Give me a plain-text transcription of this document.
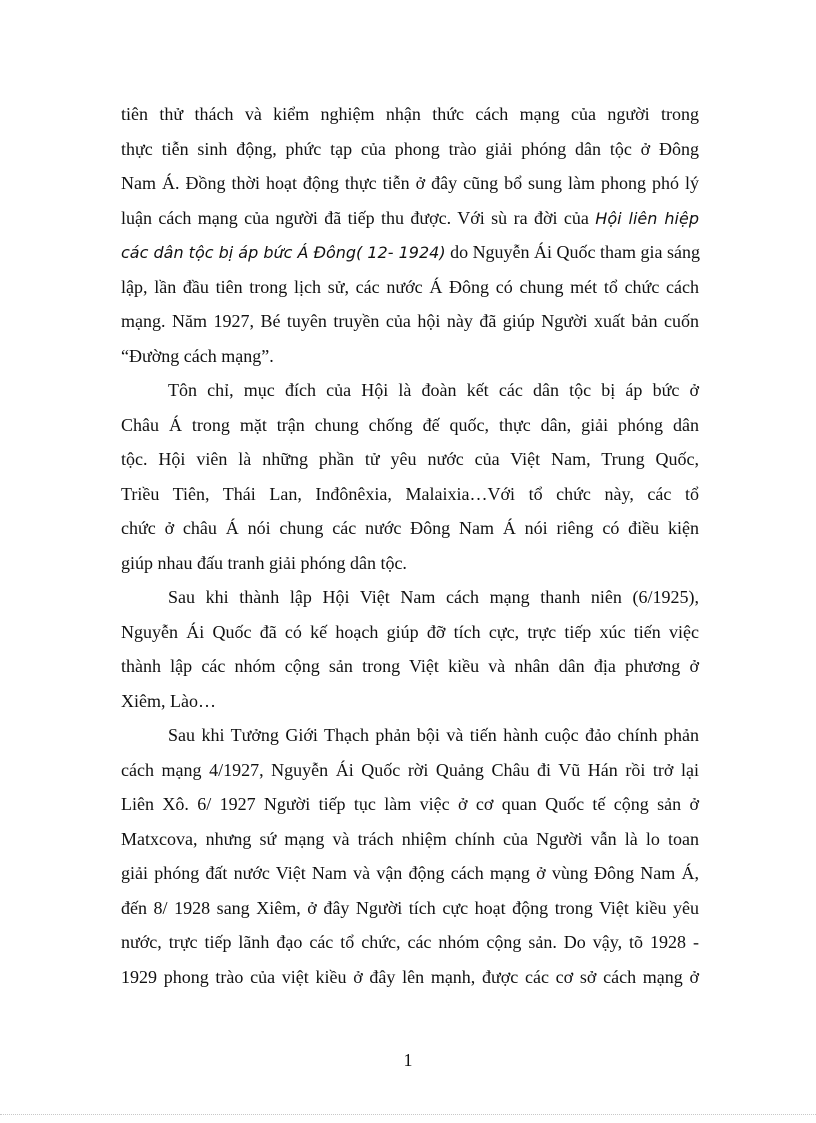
tiên thử thách và kiểm nghiệm nhận thức cách mạng của người trong
thực tiễn sinh động, phức tạp của phong trào giải phóng dân tộc ở Đông
Nam Á. Đồng thời hoạt động thực tiễn ở đây cũng bổ sung làm phong phó lý
luận cách mạng của người đã tiếp thu được. Với sù ra đời của Hội liên hiệp
các dân tộc bị áp bức Á Đông( 12- 1924) do Nguyễn Ái Quốc tham gia sáng
lập, lần đầu tiên trong lịch sử, các nước Á Đông có chung mét tổ chức cách
mạng. Năm 1927, Bé tuyên truyền của hội này đã giúp Người xuất bản cuốn
“Đường cách mạng”.
Tôn chỉ, mục đích của Hội là đoàn kết các dân tộc bị áp bức ở
Châu Á trong mặt trận chung chống đế quốc, thực dân, giải phóng dân
tộc. Hội viên là những phần tử yêu nước của Việt Nam, Trung Quốc,
Triều Tiên, Thái Lan, Inđônêxia, Malaixia…Với tổ chức này, các tổ
chức ở châu Á nói chung các nước Đông Nam Á nói riêng có điều kiện
giúp nhau đấu tranh giải phóng dân tộc.
Sau khi thành lập Hội Việt Nam cách mạng thanh niên (6/1925),
Nguyễn Ái Quốc đã có kế hoạch giúp đỡ tích cực, trực tiếp xúc tiến việc
thành lập các nhóm cộng sản trong Việt kiều và nhân dân địa phương ở
Xiêm, Lào…
Sau khi Tưởng Giới Thạch phản bội và tiến hành cuộc đảo chính phản
cách mạng 4/1927, Nguyễn Ái Quốc rời Quảng Châu đi Vũ Hán rồi trở lại
Liên Xô. 6/ 1927 Người tiếp tục làm việc ở cơ quan Quốc tế cộng sản ở
Matxcova, nhưng sứ mạng và trách nhiệm chính của Người vẫn là lo toan
giải phóng đất nước Việt Nam và vận động cách mạng ở vùng Đông Nam Á,
đến 8/ 1928 sang Xiêm, ở đây Người tích cực hoạt động trong Việt kiều yêu
nước, trực tiếp lãnh đạo các tổ chức, các nhóm cộng sản. Do vậy, tõ 1928 -
1929 phong trào của việt kiều ở đây lên mạnh, được các cơ sở cách mạng ở
1
